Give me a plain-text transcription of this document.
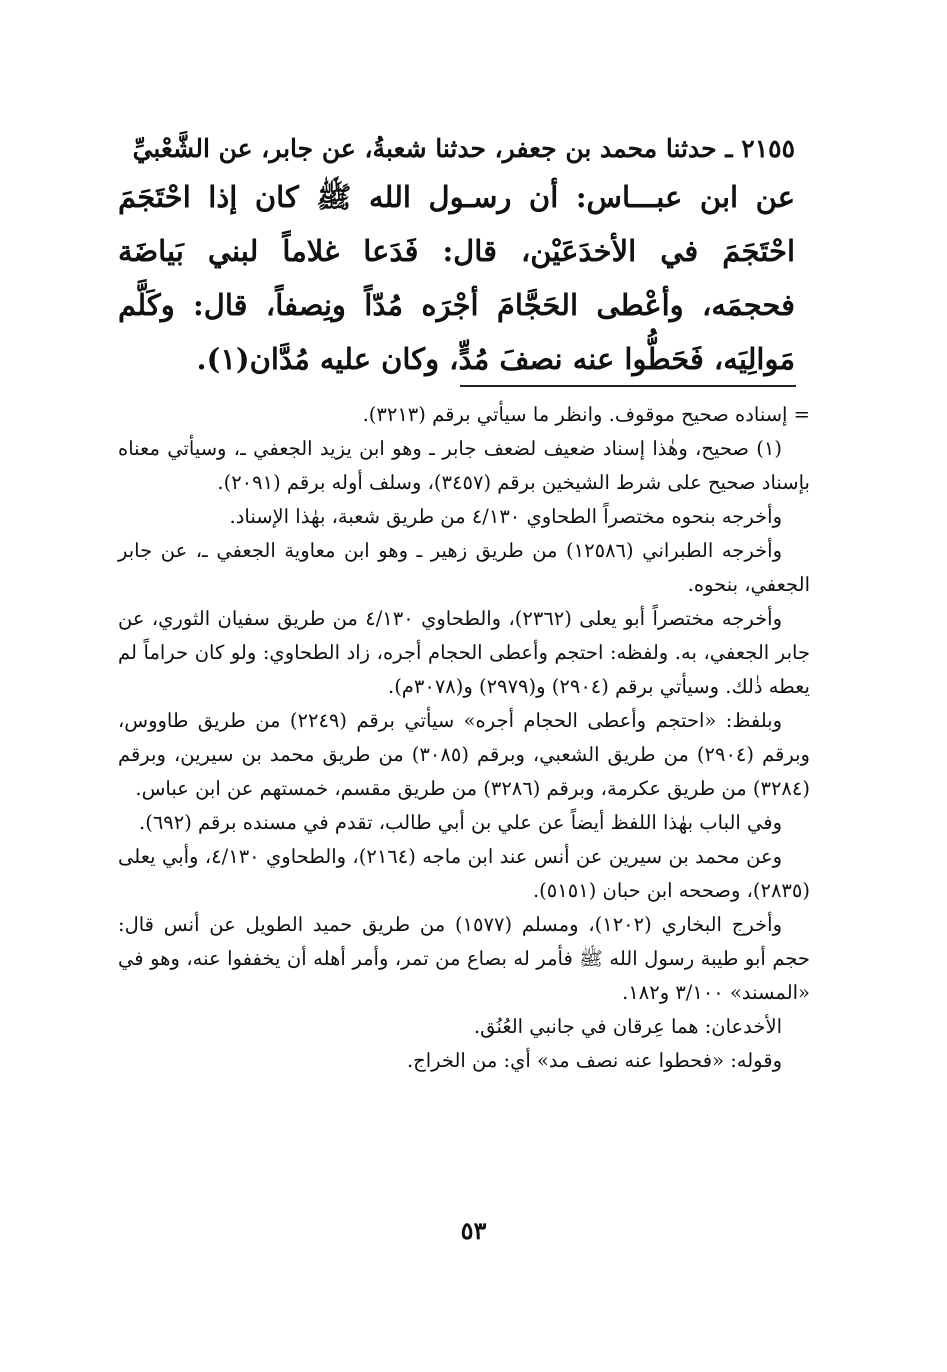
٢١٥٥ ـ حدثنا محمد بن جعفر، حدثنا شعبةُ، عن جابر، عن الشَّعْبيِّ

عن ابن عبـــاس: أن رسـول الله ﷺ كان إذا احْتَجَمَ احْتَجَمَ في الأخدَعَيْن، قال: فَدَعا غلاماً لبني بَياضَة فحجمَه، وأعْطى الحَجَّامَ أجْرَه مُدّاً ونِصفاً، قال: وكَلَّم مَوالِيَه، فَحَطُّوا عنه نصفَ مُدٍّ، وكان عليه مُدَّان(١).

= إسناده صحيح موقوف. وانظر ما سيأتي برقم (٣٢١٣).

(١) صحيح، وهٰذا إسناد ضعيف لضعف جابر ـ وهو ابن يزيد الجعفي ـ، وسيأتي معناه بإسناد صحيح على شرط الشيخين برقم (٣٤٥٧)، وسلف أوله برقم (٢٠٩١).

وأخرجه بنحوه مختصراً الطحاوي ٤/١٣٠ من طريق شعبة، بهٰذا الإسناد.

وأخرجه الطبراني (١٢٥٨٦) من طريق زهير ـ وهو ابن معاوية الجعفي ـ، عن جابر الجعفي، بنحوه.

وأخرجه مختصراً أبو يعلى (٢٣٦٢)، والطحاوي ٤/١٣٠ من طريق سفيان الثوري، عن جابر الجعفي، به. ولفظه: احتجم وأعطى الحجام أجره، زاد الطحاوي: ولو كان حراماً لم يعطه ذٰلك. وسيأتي برقم (٢٩٠٤) و(٢٩٧٩) و(٣٠٧٨م).

وبلفظ: «احتجم وأعطى الحجام أجره» سيأتي برقم (٢٢٤٩) من طريق طاووس، وبرقم (٢٩٠٤) من طريق الشعبي، وبرقم (٣٠٨٥) من طريق محمد بن سيرين، وبرقم (٣٢٨٤) من طريق عكرمة، وبرقم (٣٢٨٦) من طريق مقسم، خمستهم عن ابن عباس.

وفي الباب بهٰذا اللفظ أيضاً عن علي بن أبي طالب، تقدم في مسنده برقم (٦٩٢).

وعن محمد بن سيرين عن أنس عند ابن ماجه (٢١٦٤)، والطحاوي ٤/١٣٠، وأبي يعلى (٢٨٣٥)، وصححه ابن حبان (٥١٥١).

وأخرج البخاري (١٢٠٢)، ومسلم (١٥٧٧) من طريق حميد الطويل عن أنس قال: حجم أبو طيبة رسول الله ﷺ فأمر له بصاع من تمر، وأمر أهله أن يخففوا عنه، وهو في «المسند» ٣/١٠٠ و١٨٢.

الأخدعان: هما عِرقان في جانبي العُنُق.

وقوله: «فحطوا عنه نصف مد» أي: من الخراج.

٥٣
